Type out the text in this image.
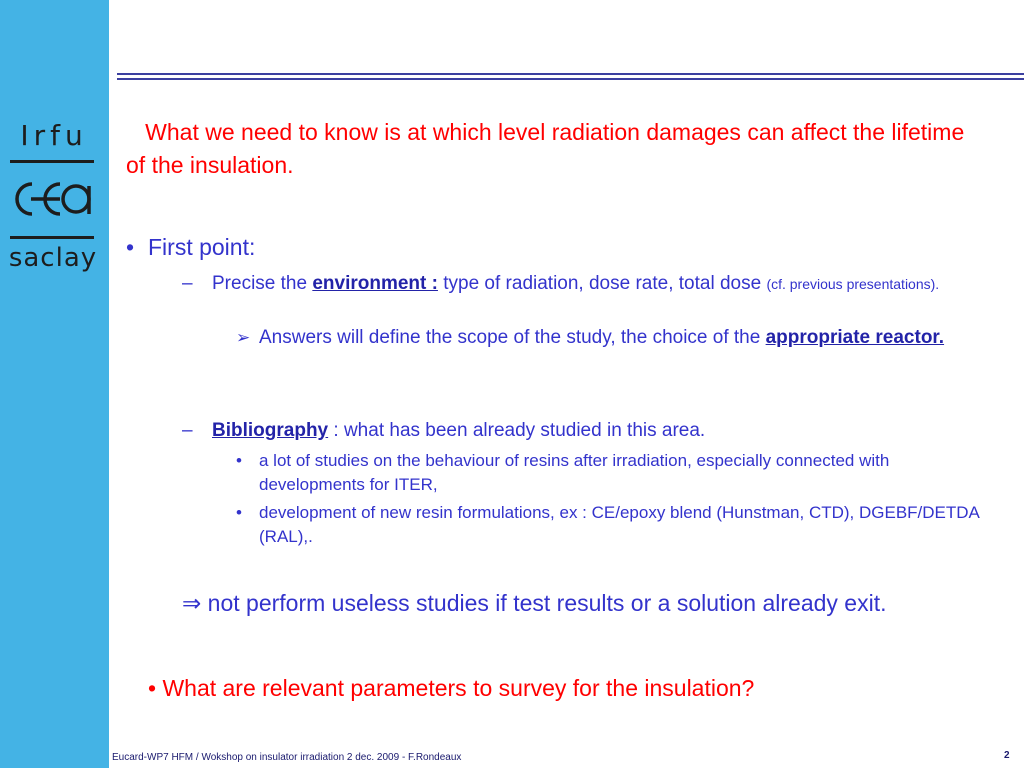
Irfu
saclay
What we need to know is at which level radiation damages can affect the lifetime of the insulation.
• First point:
– Precise the environment : type of radiation, dose rate, total dose (cf. previous presentations).
➢ Answers will define the scope of the study, the choice of the appropriate reactor.
– Bibliography : what has been already studied in this area.
• a lot of studies on the behaviour of resins after irradiation, especially connected with developments for ITER,
• development of new resin formulations, ex : CE/epoxy blend (Hunstman, CTD), DGEBF/DETDA (RAL),.
⇒ not perform useless studies if test results or a solution already exit.
• What are relevant parameters to survey for the insulation?
Eucard-WP7 HFM / Wokshop on insulator irradiation 2 dec. 2009 - F.Rondeaux	2
